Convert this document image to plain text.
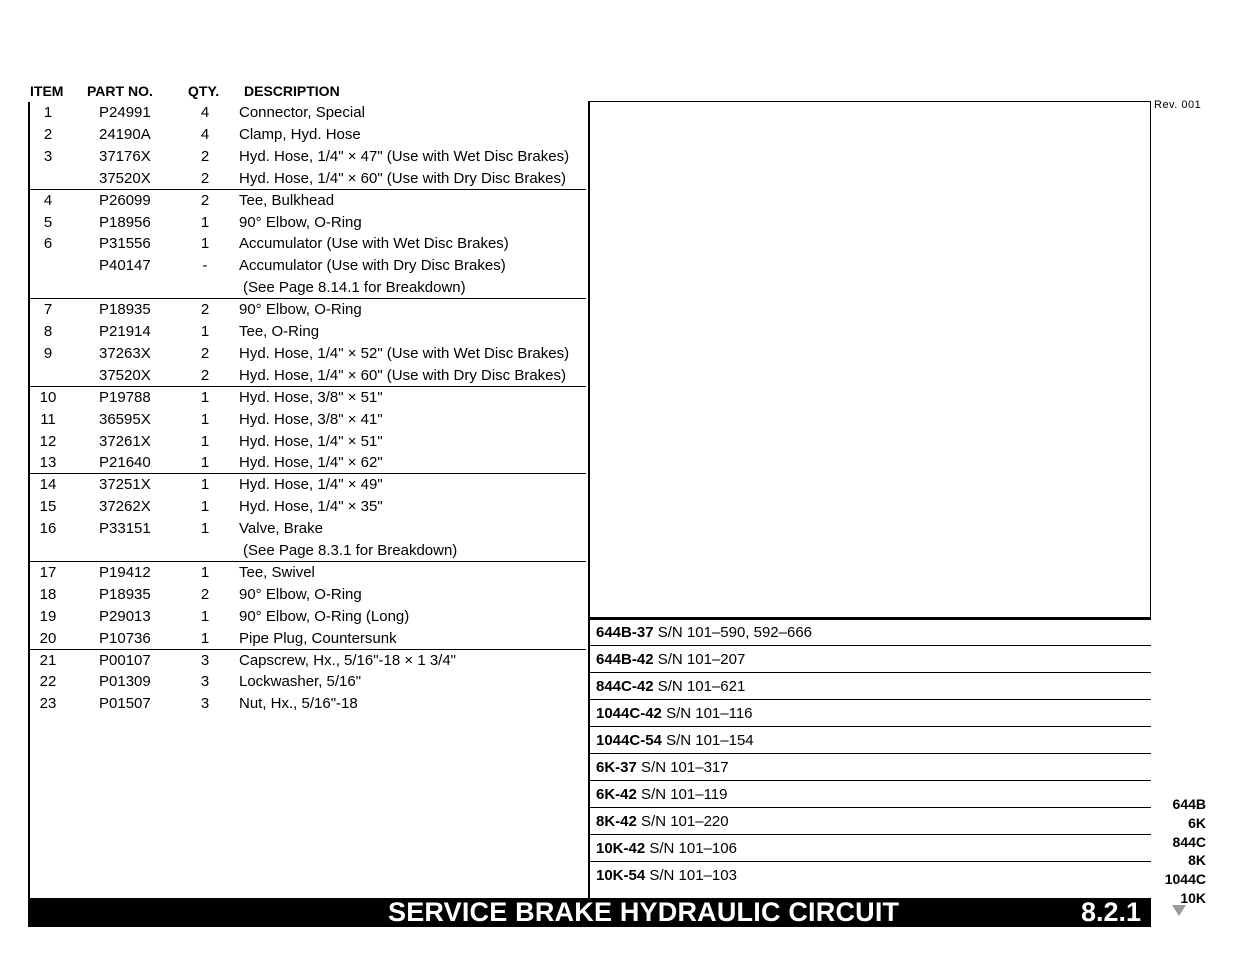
ITEM PART NO.	QTY. DESCRIPTION
Rev. 001
1	P24991	4	Connector, Special
2	24190A	4	Clamp, Hyd. Hose
3	37176X	2	Hyd. Hose, 1/4" × 47" (Use with Wet Disc Brakes)
37520X	2	Hyd. Hose, 1/4" × 60" (Use with Dry Disc Brakes)
4	P26099	2	Tee, Bulkhead
5	P18956	1	90° Elbow, O-Ring
6	P31556	1	Accumulator (Use with Wet Disc Brakes)
P40147	-	Accumulator (Use with Dry Disc Brakes)
(See Page 8.14.1 for Breakdown)
7	P18935	2	90° Elbow, O-Ring
8	P21914	1	Tee, O-Ring
9	37263X	2	Hyd. Hose, 1/4" × 52" (Use with Wet Disc Brakes)
37520X	2	Hyd. Hose, 1/4" × 60" (Use with Dry Disc Brakes)
10	P19788	1	Hyd. Hose, 3/8" × 51"
11	36595X	1	Hyd. Hose, 3/8" × 41"
12	37261X	1	Hyd. Hose, 1/4" × 51"
13	P21640	1	Hyd. Hose, 1/4" × 62"
14	37251X	1	Hyd. Hose, 1/4" × 49"
15	37262X	1	Hyd. Hose, 1/4" × 35"
16	P33151	1	Valve, Brake
(See Page 8.3.1 for Breakdown)
17	P19412	1	Tee, Swivel
18	P18935	2	90° Elbow, O-Ring
19	P29013	1	90° Elbow, O-Ring (Long)
20	P10736	1	Pipe Plug, Countersunk
21	P00107	3	Capscrew, Hx., 5/16"-18 × 1 3/4"
22	P01309	3	Lockwasher, 5/16"
23	P01507	3	Nut, Hx., 5/16"-18
644B-37 S/N 101–590, 592–666
644B-42 S/N 101–207
844C-42 S/N 101–621
1044C-42 S/N 101–116
1044C-54 S/N 101–154
6K-37 S/N 101–317
6K-42 S/N 101–119
8K-42 S/N 101–220
10K-42 S/N 101–106
10K-54 S/N 101–103
SERVICE BRAKE HYDRAULIC CIRCUIT	8.2.1
644B
6K
844C
8K
1044C
10K
